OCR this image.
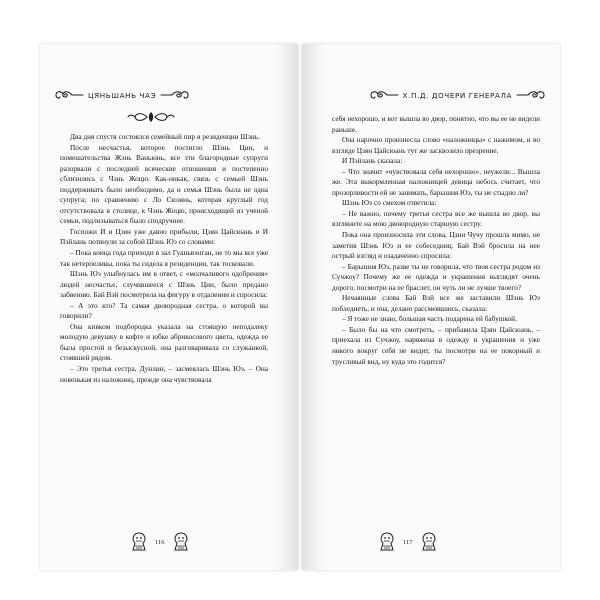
ЦЯНЬШАНЬ ЧАЭ

Два дня спустя состоялся семейный пир в резиденции Шэнь.

После несчастья, которое постигло Шэнь Цин, и помешательства Жэнь Ваньюнь, все эти благородные супруги разорвали с последней всяческие отношения и постепенно сблизились с Чэнь Жоцю. Как-никак, связь с семьей Шэнь поддерживать было необходимо, да и семья Шэнь была не одна супруга; по сравнению с Ло Сюэянь, которая круглый год отсутствовала в столице, к Чэнь Жоцю, происходящей из ученой семьи, подлизываться было сподручнее.

Госпожи И и Цзян уже давно прибыли, Цзян Цайсюань и И Пэйлань потянули за собой Шэнь Юэ со словами:

– Пока конца года приходи в зал Гуаньвэнтан, не то мы все уже так нетерпеливы, пока ты сидела в резиденции, так тосковали.

Шэнь Юэ улыбнулась им в ответ, с «молчаливого одобрения» людей несчастье, случившееся с Шэнь Цин, было предано забвению. Бай Вэй посмотрела на фигуру в отдалении и спросила:

– А это кто? Та самая двоюродная сестра, о которой вы говорили?

Она кивком подбородка указала на стоящую неподалеку молодую девушку в кофте и юбке абрикосового цвета, одежда ее была простой и безыскусной, она разговаривала со служанкой, стоявшей рядом.

– Это третья сестра, Дунлин, – засмеялась Шэнь Юэ. – Она новенькая из наложниц, прежде она чувствовала

116
Х.П.Д. ДОЧЕРИ ГЕНЕРАЛА

себя нехорошо, и вот вышла во двор, понятно, что вы ее не видели раньше.

Она нарочно произнесла слово «наложницы» с нажимом, и во взгляде Цзян Цайсюань тут же засквозило презрение.

И Пэйлань сказала:

– Что значит «чувствовала себя нехорошо», неужели... Вышла же. Эта выкормленная наложницей девица небось считает, что прозорливости ей не занимать, барышня Юэ, ты не стыдно ли?

Шэнь Юэ со смехом ответила:

– Не важно, почему третья сестра все же вышла во двор, вы взгляните на мою двоюродную старшую сестру.

Пока она произносила эти слова, Цзин Чучу прошла мимо, не заметив Шэнь Юэ и ее собеседниц. Бай Вэй бросила на нее острый взгляд и озадаченно спросила:

– Барышня Юэ, разве ты не говорила, что твоя сестра родом из Сучжоу? Почему же ее одежда и украшения выглядят очень дорого, посмотри на ее браслет, он чуть ли не лучше твоего?

Нечаянные слова Бай Вэй все же заставили Шэнь Юэ побледнеть, и она, делано рассмеявшись, сказала:

– Я тоже не знаю, большая часть подарена ей бабушкой.

– Было бы на что смотреть, – прибавила Цзян Цайсюань, – приехала из Сучжоу, наряжена в одежду и украшения и уже никого вокруг себя не видит, ты посмотри на ее покорный и трусливый вид, ну куда это годится?

117
